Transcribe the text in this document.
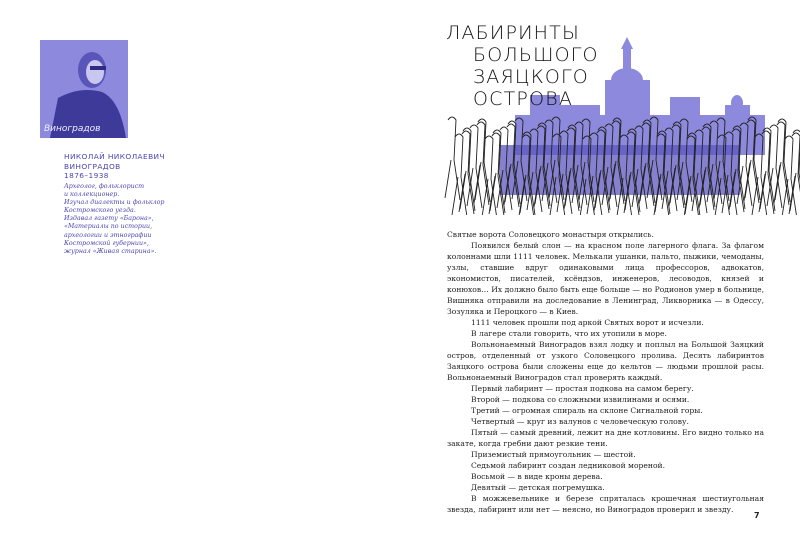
Виноградов
НИКОЛАЙ НИКОЛАЕВИЧ
ВИНОГРАДОВ
1876–1938
Археолог, фольклорист
и коллекционер.
Изучал диалекты и фольклор
Костромского уезда.
Издавал газету «Барона»,
«Материалы по истории,
археологии и этнографии
Костромской губернии»,
журнал «Живая старина».
ЛАБИРИНТЫ
БОЛЬШОГО
ЗАЯЦКОГО
ОСТРОВА

Святые ворота Соловецкого монастыря открылись.

Появился белый слон — на красном поле лагерного флага. За флагом колоннами шли 1111 человек. Мелькали ушанки, пальто, пыжики, чемоданы, узлы, ставшие вдруг одинаковыми лица профессоров, адвокатов, экономистов, писателей, ксёндзов, инженеров, лесоводов, князей и конюхов… Их должно было быть еще больше — но Родионов умер в больнице, Вишняка отправили на доследование в Ленинград, Ликворника — в Одессу, Зозуляка и Пероцкого — в Киев.

1111 человек прошли под аркой Святых ворот и исчезли.

В лагере стали говорить, что их утопили в море.

Вольнонаемный Виноградов взял лодку и поплыл на Большой Заяцкий остров, отделенный от узкого Соловецкого пролива. Десять лабиринтов Заяцкого острова были сложены еще до кельтов — людьми прошлой расы. Вольнонаемный Виноградов стал проверять каждый.

Первый лабиринт — простая подкова на самом берегу.

Второй — подкова со сложными извилинами и осями.

Третий — огромная спираль на склоне Сигнальной горы.

Четвертый — круг из валунов с человеческую голову.

Пятый — самый древний, лежит на дне котловины. Его видно только на закате, когда гребни дают резкие тени.

Приземистый прямоугольник — шестой.

Седьмой лабиринт создан ледниковой мореной.

Восьмой — в виде кроны дерева.

Девятый — детская погремушка.

В можжевельнике и березе спряталась крошечная шестиугольная звезда, лабиринт или нет — неясно, но Виноградов проверил и звезду.

7
